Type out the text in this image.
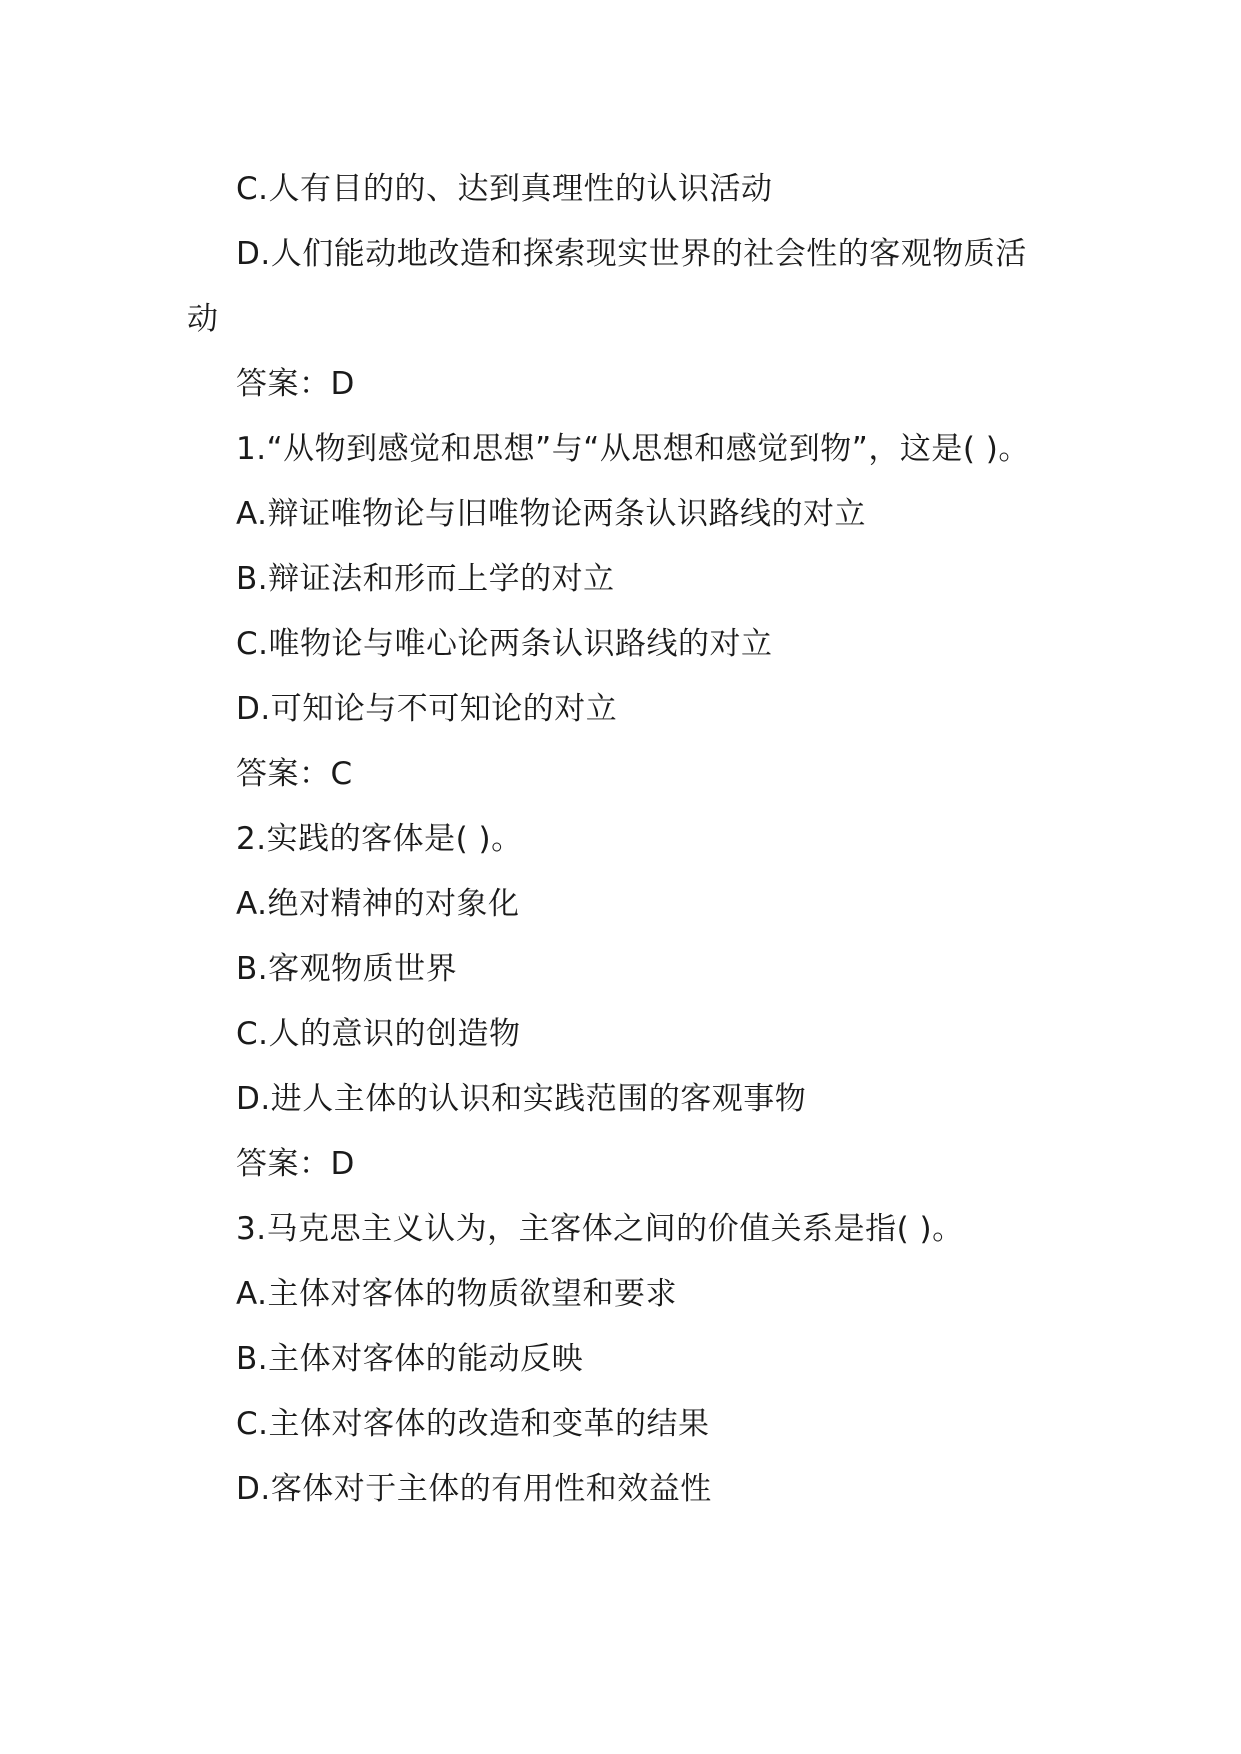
C.人有目的的、达到真理性的认识活动
D.人们能动地改造和探索现实世界的社会性的客观物质活动
答案：D
1.“从物到感觉和思想”与“从思想和感觉到物”，这是( )。
A.辩证唯物论与旧唯物论两条认识路线的对立
B.辩证法和形而上学的对立
C.唯物论与唯心论两条认识路线的对立
D.可知论与不可知论的对立
答案：C
2.实践的客体是( )。
A.绝对精神的对象化
B.客观物质世界
C.人的意识的创造物
D.进人主体的认识和实践范围的客观事物
答案：D
3.马克思主义认为，主客体之间的价值关系是指( )。
A.主体对客体的物质欲望和要求
B.主体对客体的能动反映
C.主体对客体的改造和变革的结果
D.客体对于主体的有用性和效益性
